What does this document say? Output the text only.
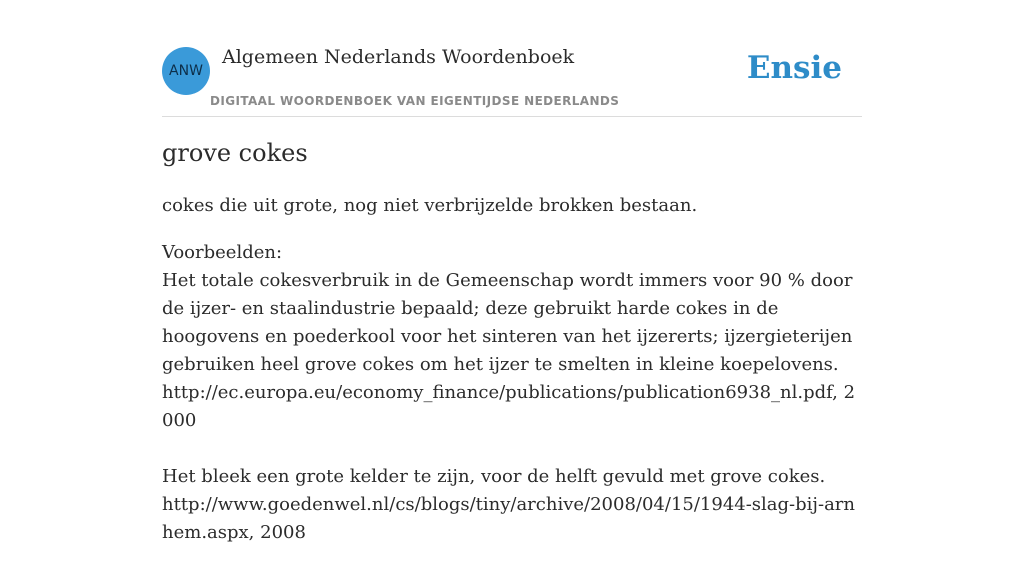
ANW
Algemeen Nederlands Woordenboek
DIGITAAL WOORDENBOEK VAN EIGENTIJDSE NEDERLANDS
Ensie
grove cokes
cokes die uit grote, nog niet verbrijzelde brokken bestaan.
Voorbeelden:
Het totale cokesverbruik in de Gemeenschap wordt immers voor 90 % door de ijzer- en staalindustrie bepaald; deze gebruikt harde cokes in de hoogovens en poederkool voor het sinteren van het ijzererts; ijzergieterijen gebruiken heel grove cokes om het ijzer te smelten in kleine koepelovens.
http://ec.europa.eu/economy_finance/publications/publication6938_nl.pdf, 2000
Het bleek een grote kelder te zijn, voor de helft gevuld met grove cokes.
http://www.goedenwel.nl/cs/blogs/tiny/archive/2008/04/15/1944-slag-bij-arnhem.aspx, 2008
